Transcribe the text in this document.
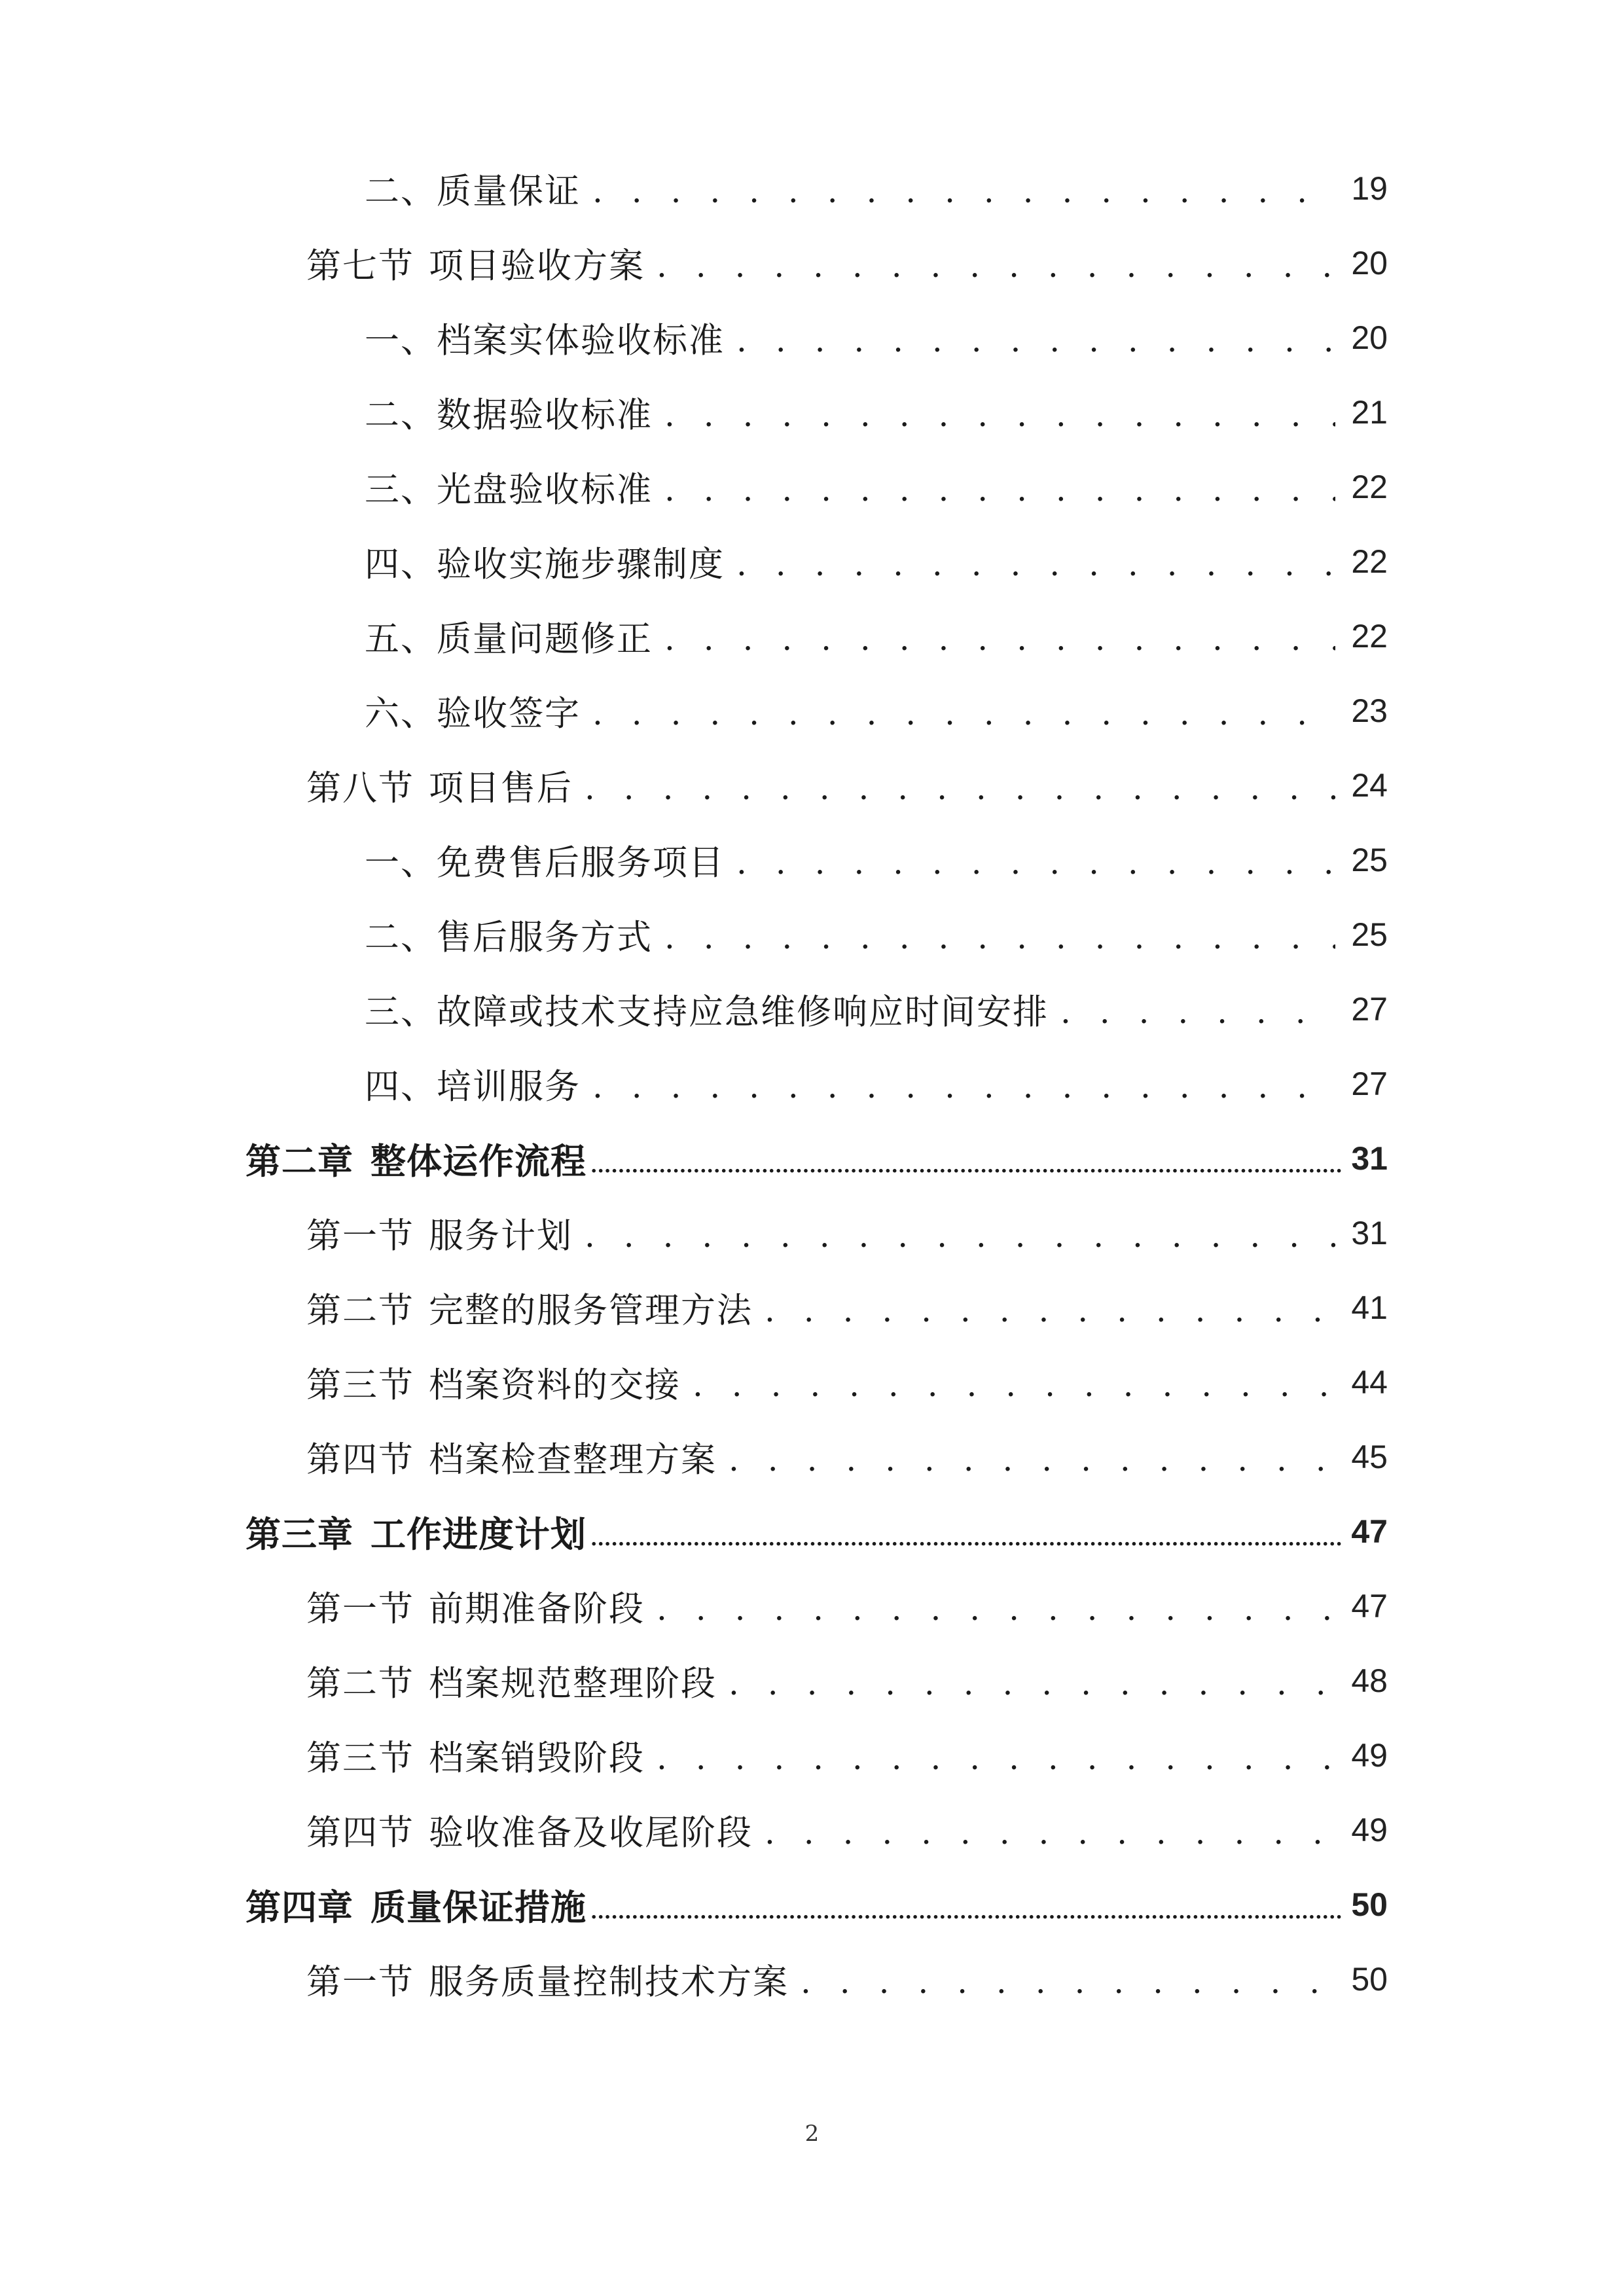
二、 质量保证 . . .	19
第七节 项目验收方案 . . .	20
一、 档案实体验收标准 . . .	20
二、 数据验收标准 . . .	21
三、 光盘验收标准 . . .	22
四、 验收实施步骤制度 . . .	22
五、 质量问题修正 . . .	22
六、 验收签字 . . .	23
第八节 项目售后 . . .	24
一、 免费售后服务项目 . . .	25
二、 售后服务方式 . . .	25
三、 故障或技术支持应急维修响应时间安排 . . .	27
四、 培训服务 . . .	27
第二章 整体运作流程 .....	31
第一节 服务计划 . . .	31
第二节 完整的服务管理方法 . . .	41
第三节 档案资料的交接 . . .	44
第四节 档案检查整理方案 . . .	45
第三章 工作进度计划 .....	47
第一节 前期准备阶段 . . .	47
第二节 档案规范整理阶段 . . .	48
第三节 档案销毁阶段 . . .	49
第四节 验收准备及收尾阶段 . . .	49
第四章 质量保证措施 .....	50
第一节 服务质量控制技术方案 . . .	50
2
